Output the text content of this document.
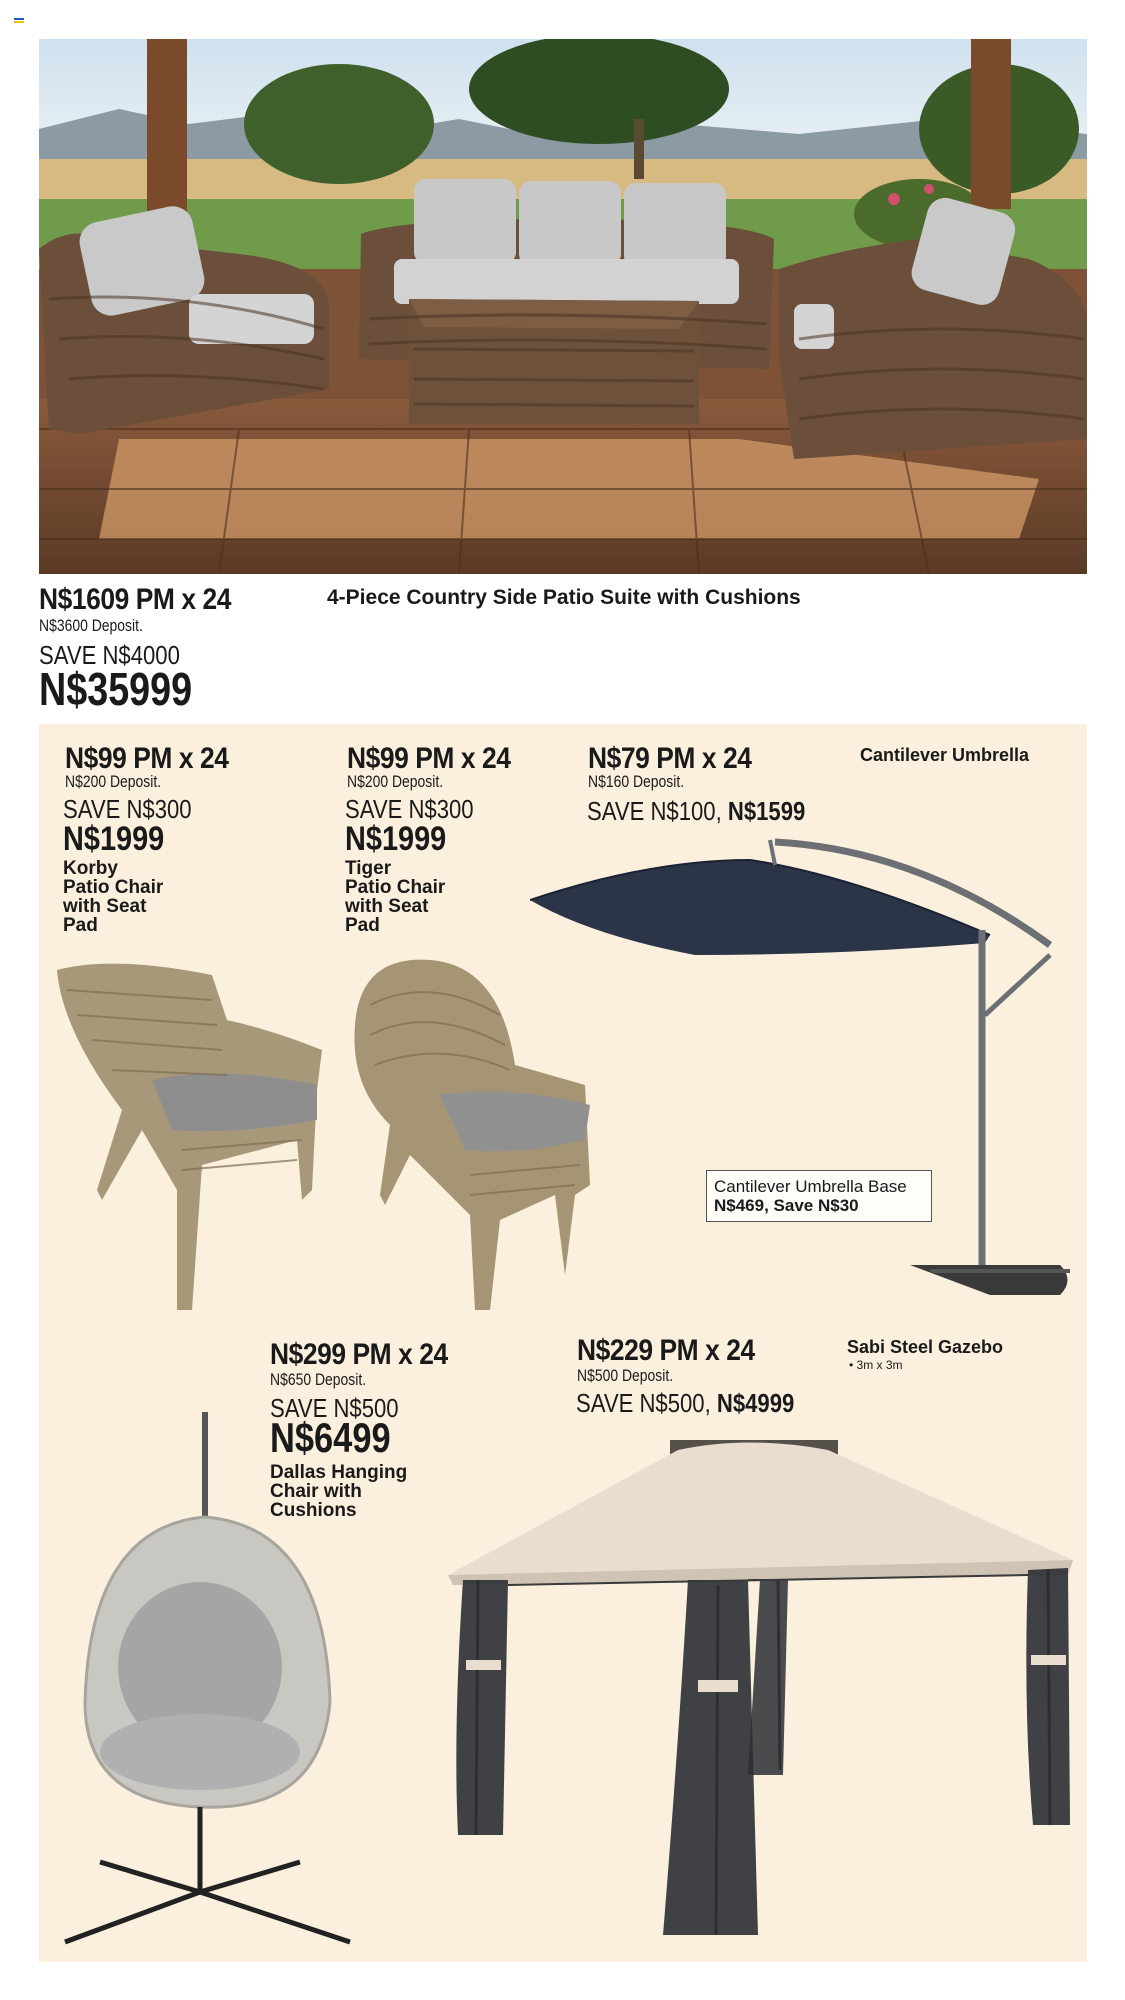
N$1609 PM x 24
N$3600 Deposit.
SAVE N$4000
N$35999
4-Piece Country Side Patio Suite with Cushions
N$99 PM x 24
N$200 Deposit.
SAVE N$300
N$1999
Korby
Patio Chair
with Seat
Pad
N$99 PM x 24
N$200 Deposit.
SAVE N$300
N$1999
Tiger
Patio Chair
with Seat
Pad
N$79 PM x 24
N$160 Deposit.
SAVE N$100, N$1599
Cantilever Umbrella
Cantilever Umbrella Base
N$469, Save N$30
N$299 PM x 24
N$650 Deposit.
SAVE N$500
N$6499
Dallas Hanging
Chair with
Cushions
N$229 PM x 24
N$500 Deposit.
SAVE N$500, N$4999
Sabi Steel Gazebo
• 3m x 3m
